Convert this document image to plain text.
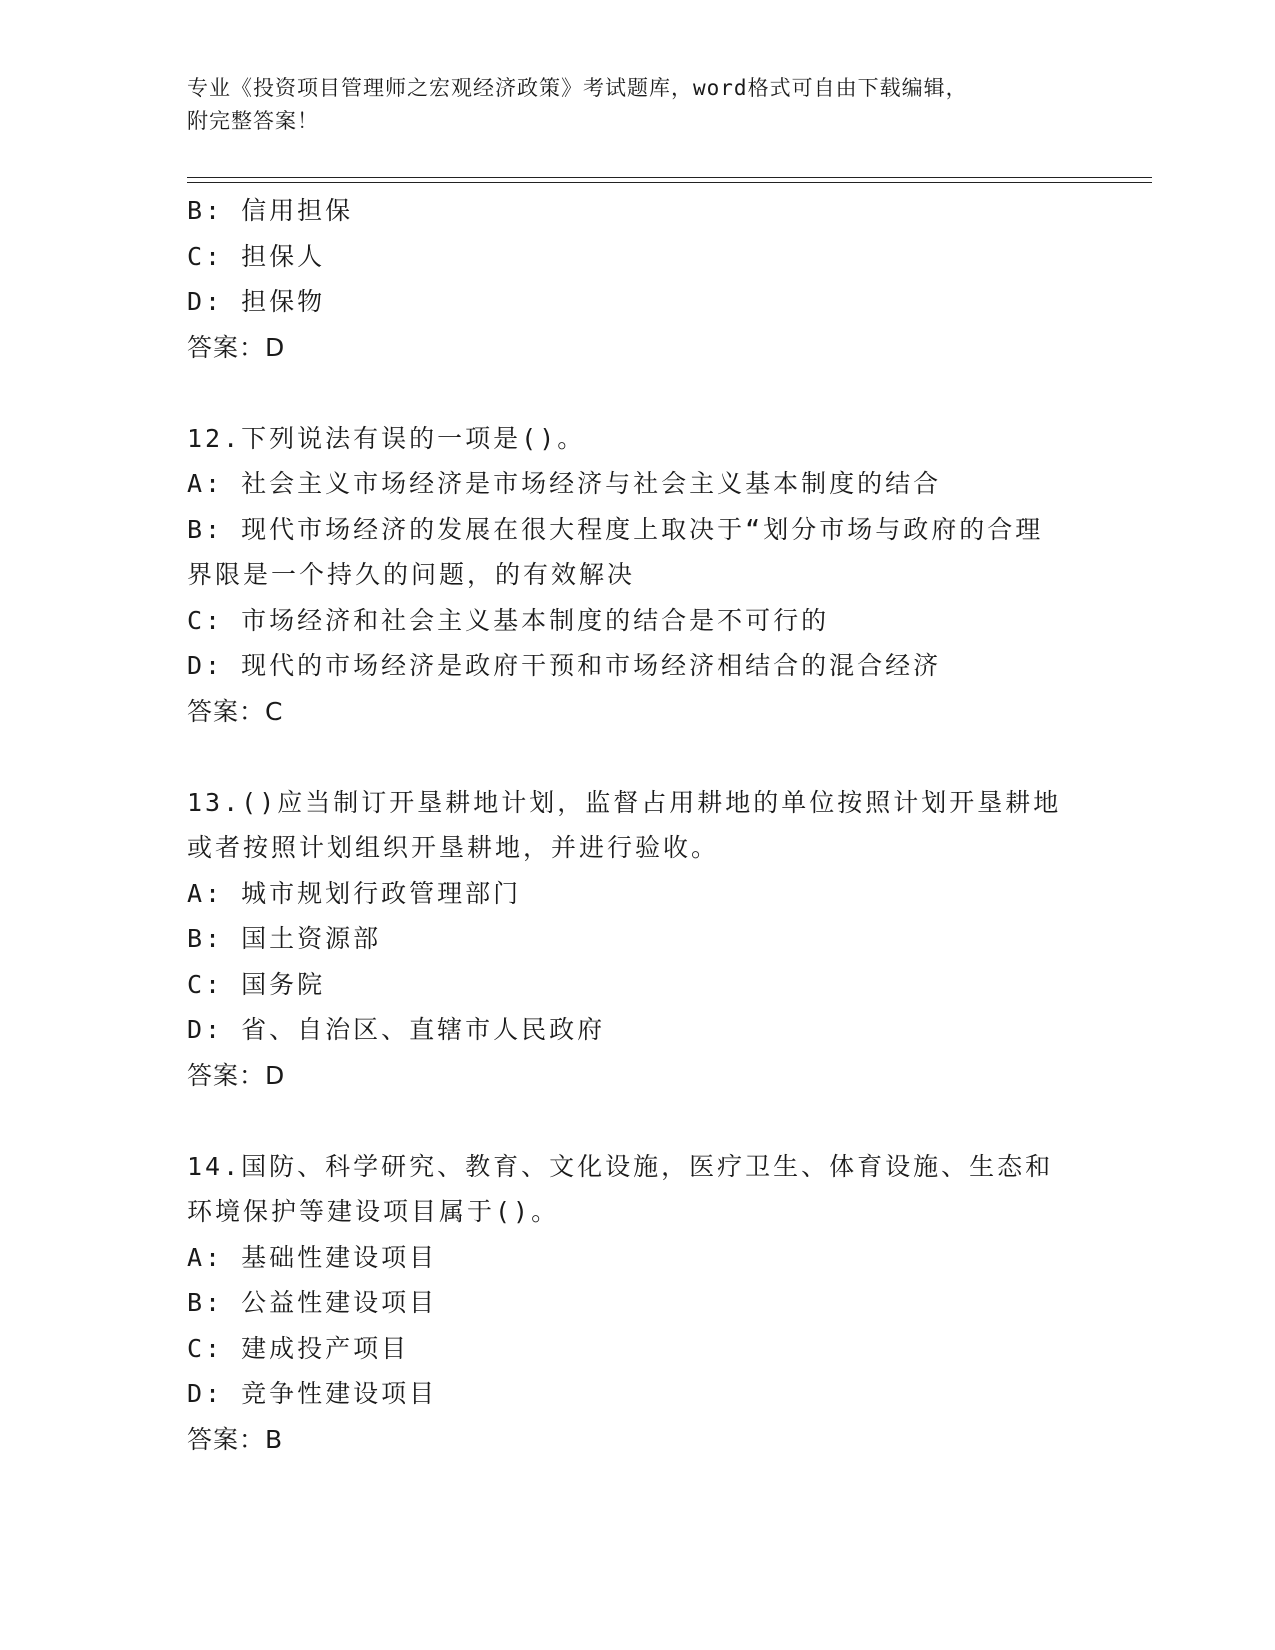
专业《投资项目管理师之宏观经济政策》考试题库，word格式可自由下载编辑，
附完整答案！
B: 信用担保
C: 担保人
D: 担保物
答案：D
12.下列说法有误的一项是()。
A: 社会主义市场经济是市场经济与社会主义基本制度的结合
B: 现代市场经济的发展在很大程度上取决于“划分市场与政府的合理
界限是一个持久的问题，的有效解决
C: 市场经济和社会主义基本制度的结合是不可行的
D: 现代的市场经济是政府干预和市场经济相结合的混合经济
答案：C
13.()应当制订开垦耕地计划，监督占用耕地的单位按照计划开垦耕地
或者按照计划组织开垦耕地，并进行验收。
A: 城市规划行政管理部门
B: 国土资源部
C: 国务院
D: 省、自治区、直辖市人民政府
答案：D
14.国防、科学研究、教育、文化设施，医疗卫生、体育设施、生态和
环境保护等建设项目属于()。
A: 基础性建设项目
B: 公益性建设项目
C: 建成投产项目
D: 竞争性建设项目
答案：B
